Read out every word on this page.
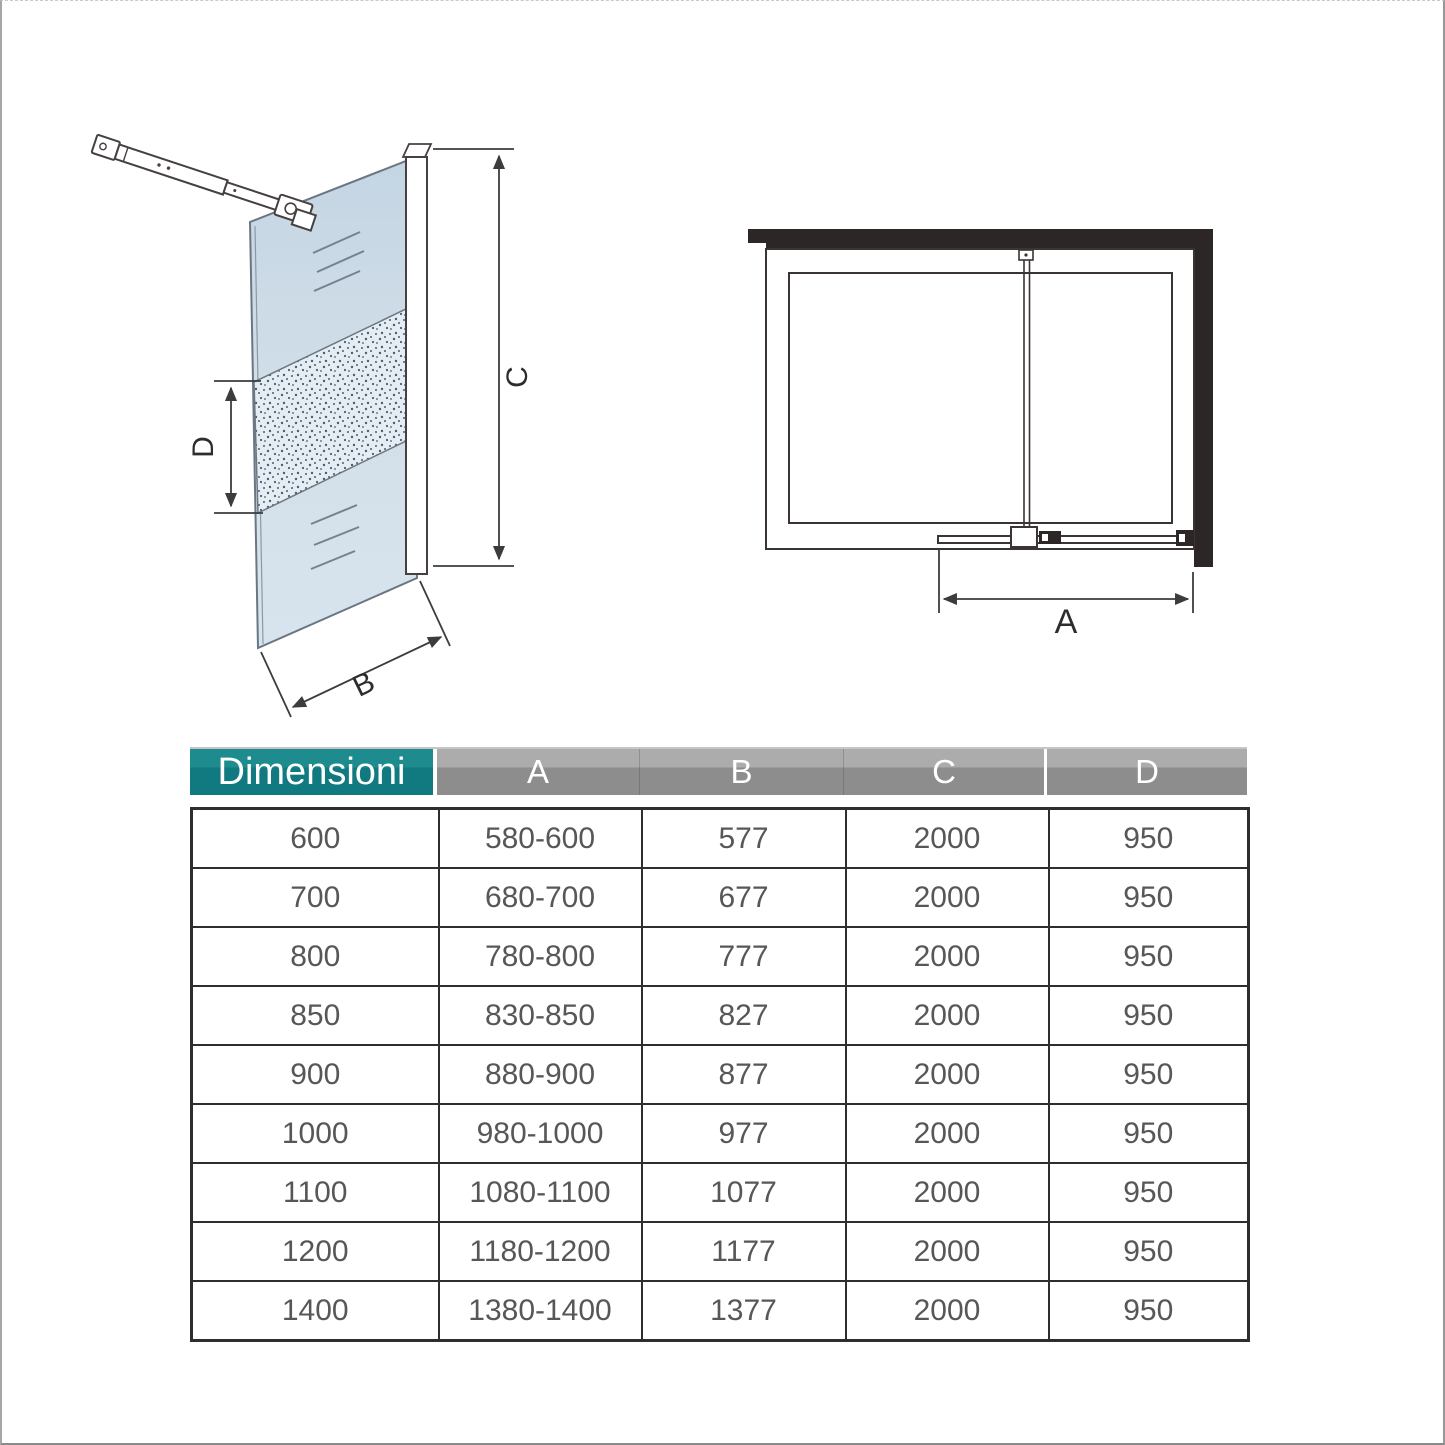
C
D
B
A
Dimensioni	A	B	C	D
600	580-600	577	2000	950
700	680-700	677	2000	950
800	780-800	777	2000	950
850	830-850	827	2000	950
900	880-900	877	2000	950
1000	980-1000	977	2000	950
1100	1080-1100	1077	2000	950
1200	1180-1200	1177	2000	950
1400	1380-1400	1377	2000	950
